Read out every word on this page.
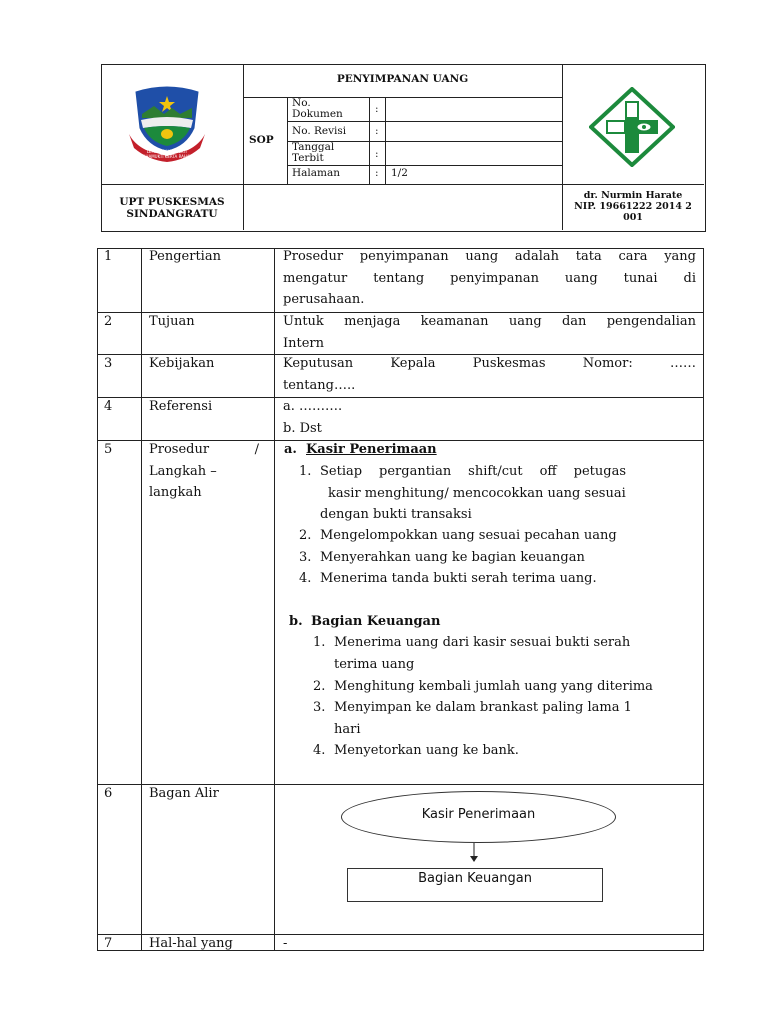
LEMAH CAI SENGKIT MAHAMUKTI KERTA RAHAYU
PENYIMPANAN UANG
SOP
No. Dokumen
No. Revisi
Tanggal Terbit
Halaman
:
:
:
: 1/2
UPT PUSKESMAS
SINDANGRATU
dr. Nurmin Harate
NIP. 19661222 2014 2
001
1
2
3
4
5
6
7
Pengertian
Tujuan
Kebijakan
Referensi
Prosedur /
Langkah –
langkah
Bagan Alir
Hal-hal yang
Prosedur penyimpanan uang adalah tata cara yang
mengatur tentang penyimpanan uang tunai di
perusahaan.
Untuk menjaga keamanan uang dan pengendalian
Intern
Keputusan Kepala Puskesmas Nomor: ……
tentang…..
a. ……….
b. Dst
a. Kasir Penerimaan
1. Setiap pergantian shift/cut off petugas
kasir menghitung/ mencocokkan uang sesuai
dengan bukti transaksi
2. Mengelompokkan uang sesuai pecahan uang
3. Menyerahkan uang ke bagian keuangan
4. Menerima tanda bukti serah terima uang.
b. Bagian Keuangan
1. Menerima uang dari kasir sesuai bukti serah
terima uang
2. Menghitung kembali jumlah uang yang diterima
3. Menyimpan ke dalam brankast paling lama 1
hari
4. Menyetorkan uang ke bank.
Kasir Penerimaan
Bagian Keuangan
-
